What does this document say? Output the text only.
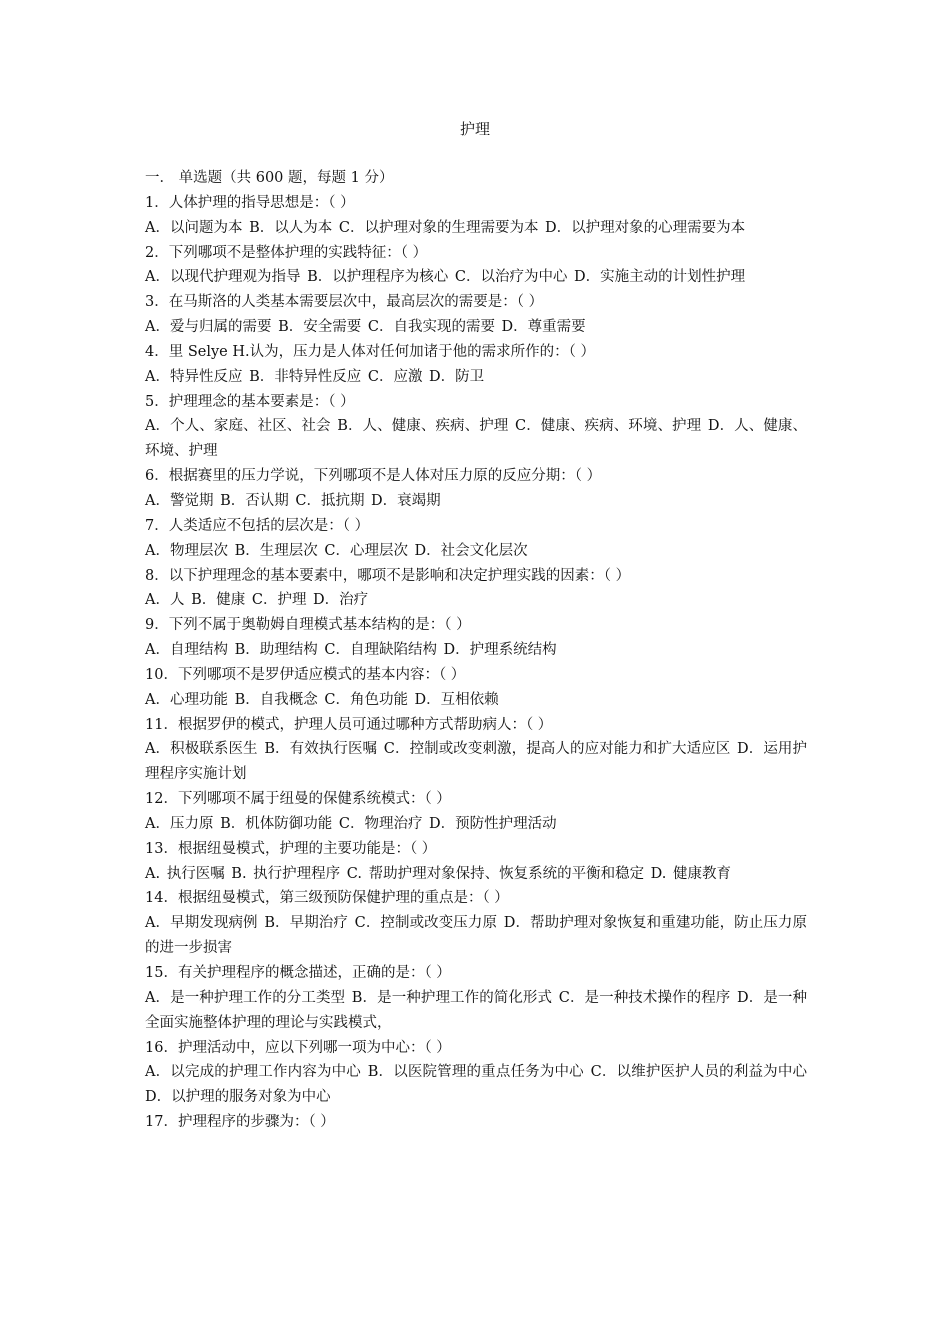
护理
一． 单选题（共 600 题，每题 1 分）
1．人体护理的指导思想是：（ ）
A．以问题为本 B．以人为本 C．以护理对象的生理需要为本 D．以护理对象的心理需要为本
2．下列哪项不是整体护理的实践特征：（ ）
A．以现代护理观为指导 B．以护理程序为核心 C．以治疗为中心 D．实施主动的计划性护理
3．在马斯洛的人类基本需要层次中，最高层次的需要是：（ ）
A．爱与归属的需要 B．安全需要 C．自我实现的需要 D．尊重需要
4．里 Selye H.认为，压力是人体对任何加诸于他的需求所作的：（ ）
A．特异性反应 B．非特异性反应 C．应激 D．防卫
5．护理理念的基本要素是：（ ）
A．个人、家庭、社区、社会 B．人、健康、疾病、护理 C．健康、疾病、环境、护理 D．人、健康、环境、护理
6．根据赛里的压力学说，下列哪项不是人体对压力原的反应分期：（ ）
A．警觉期 B．否认期 C．抵抗期 D．衰竭期
7．人类适应不包括的层次是：（ ）
A．物理层次 B．生理层次 C．心理层次 D．社会文化层次
8．以下护理理念的基本要素中，哪项不是影响和决定护理实践的因素：（ ）
A．人 B．健康 C．护理 D．治疗
9．下列不属于奥勒姆自理模式基本结构的是：（ ）
A．自理结构 B．助理结构 C．自理缺陷结构 D．护理系统结构
10．下列哪项不是罗伊适应模式的基本内容：（ ）
A．心理功能 B．自我概念 C．角色功能 D．互相依赖
11．根据罗伊的模式，护理人员可通过哪种方式帮助病人：（ ）
A．积极联系医生 B．有效执行医嘱 C．控制或改变刺激，提高人的应对能力和扩大适应区 D．运用护理程序实施计划
12．下列哪项不属于纽曼的保健系统模式：（ ）
A．压力原 B．机体防御功能 C．物理治疗 D．预防性护理活动
13．根据纽曼模式，护理的主要功能是：（ ）
A. 执行医嘱 B. 执行护理程序 C. 帮助护理对象保持、恢复系统的平衡和稳定 D. 健康教育
14．根据纽曼模式，第三级预防保健护理的重点是：（ ）
A．早期发现病例 B．早期治疗 C．控制或改变压力原 D．帮助护理对象恢复和重建功能，防止压力原的进一步损害
15．有关护理程序的概念描述，正确的是：（ ）
A．是一种护理工作的分工类型 B．是一种护理工作的简化形式 C．是一种技术操作的程序 D．是一种全面实施整体护理的理论与实践模式，
16．护理活动中，应以下列哪一项为中心：（ ）
A．以完成的护理工作内容为中心 B．以医院管理的重点任务为中心 C．以维护医护人员的利益为中心 D．以护理的服务对象为中心
17．护理程序的步骤为：（ ）
